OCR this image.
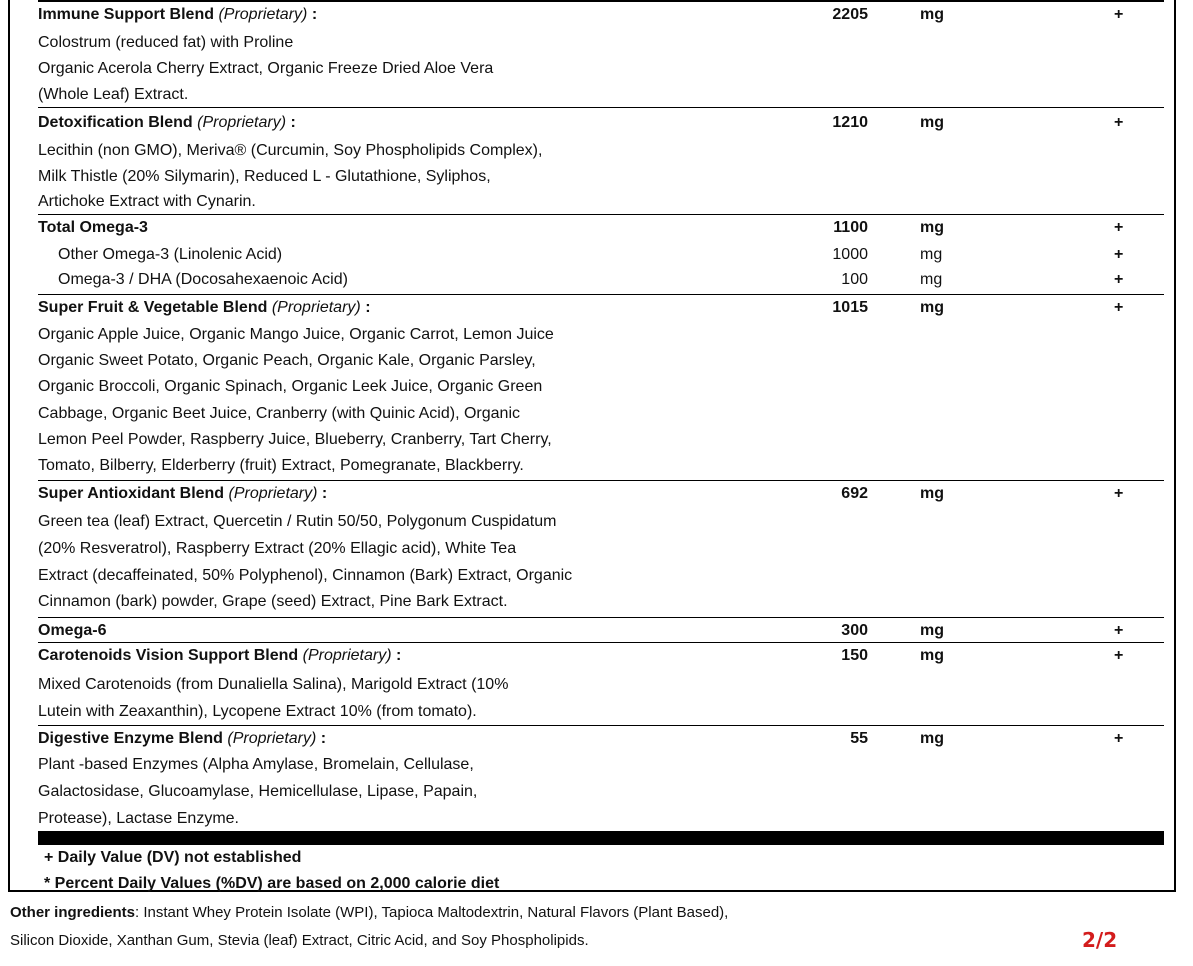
Immune Support Blend (Proprietary) :	2205	mg	+
Colostrum (reduced fat) with Proline
Organic Acerola Cherry Extract, Organic Freeze Dried Aloe Vera
(Whole Leaf) Extract.
Detoxification Blend (Proprietary) :	1210	mg	+
Lecithin (non GMO), Meriva® (Curcumin, Soy Phospholipids Complex),
Milk Thistle (20% Silymarin), Reduced L - Glutathione, Syliphos,
Artichoke Extract with Cynarin.
Total Omega-3	1100	mg	+
Other Omega-3 (Linolenic Acid)	1000	mg	+
Omega-3 / DHA (Docosahexaenoic Acid)	100	mg	+
Super Fruit & Vegetable Blend (Proprietary) :	1015	mg	+
Organic Apple Juice, Organic Mango Juice, Organic Carrot, Lemon Juice
Organic Sweet Potato, Organic Peach, Organic Kale, Organic Parsley,
Organic Broccoli, Organic Spinach, Organic Leek Juice, Organic Green
Cabbage, Organic Beet Juice, Cranberry (with Quinic Acid), Organic
Lemon Peel Powder, Raspberry Juice, Blueberry, Cranberry, Tart Cherry,
Tomato, Bilberry, Elderberry (fruit) Extract, Pomegranate, Blackberry.
Super Antioxidant Blend (Proprietary) :	692	mg	+
Green tea (leaf) Extract, Quercetin / Rutin 50/50, Polygonum Cuspidatum
(20% Resveratrol), Raspberry Extract (20% Ellagic acid), White Tea
Extract (decaffeinated, 50% Polyphenol), Cinnamon (Bark) Extract, Organic
Cinnamon (bark) powder, Grape (seed) Extract, Pine Bark Extract.
Omega-6	300	mg	+
Carotenoids Vision Support Blend (Proprietary) :	150	mg	+
Mixed Carotenoids (from Dunaliella Salina), Marigold Extract (10%
Lutein with Zeaxanthin), Lycopene Extract 10% (from tomato).
Digestive Enzyme Blend (Proprietary) :	55	mg	+
Plant -based Enzymes (Alpha Amylase, Bromelain, Cellulase,
Galactosidase, Glucoamylase, Hemicellulase, Lipase, Papain,
Protease), Lactase Enzyme.
+ Daily Value (DV) not established
* Percent Daily Values (%DV) are based on 2,000 calorie diet
Other ingredients: Instant Whey Protein Isolate (WPI), Tapioca Maltodextrin, Natural Flavors (Plant Based),
Silicon Dioxide, Xanthan Gum, Stevia (leaf) Extract, Citric Acid, and Soy Phospholipids.	2/2
